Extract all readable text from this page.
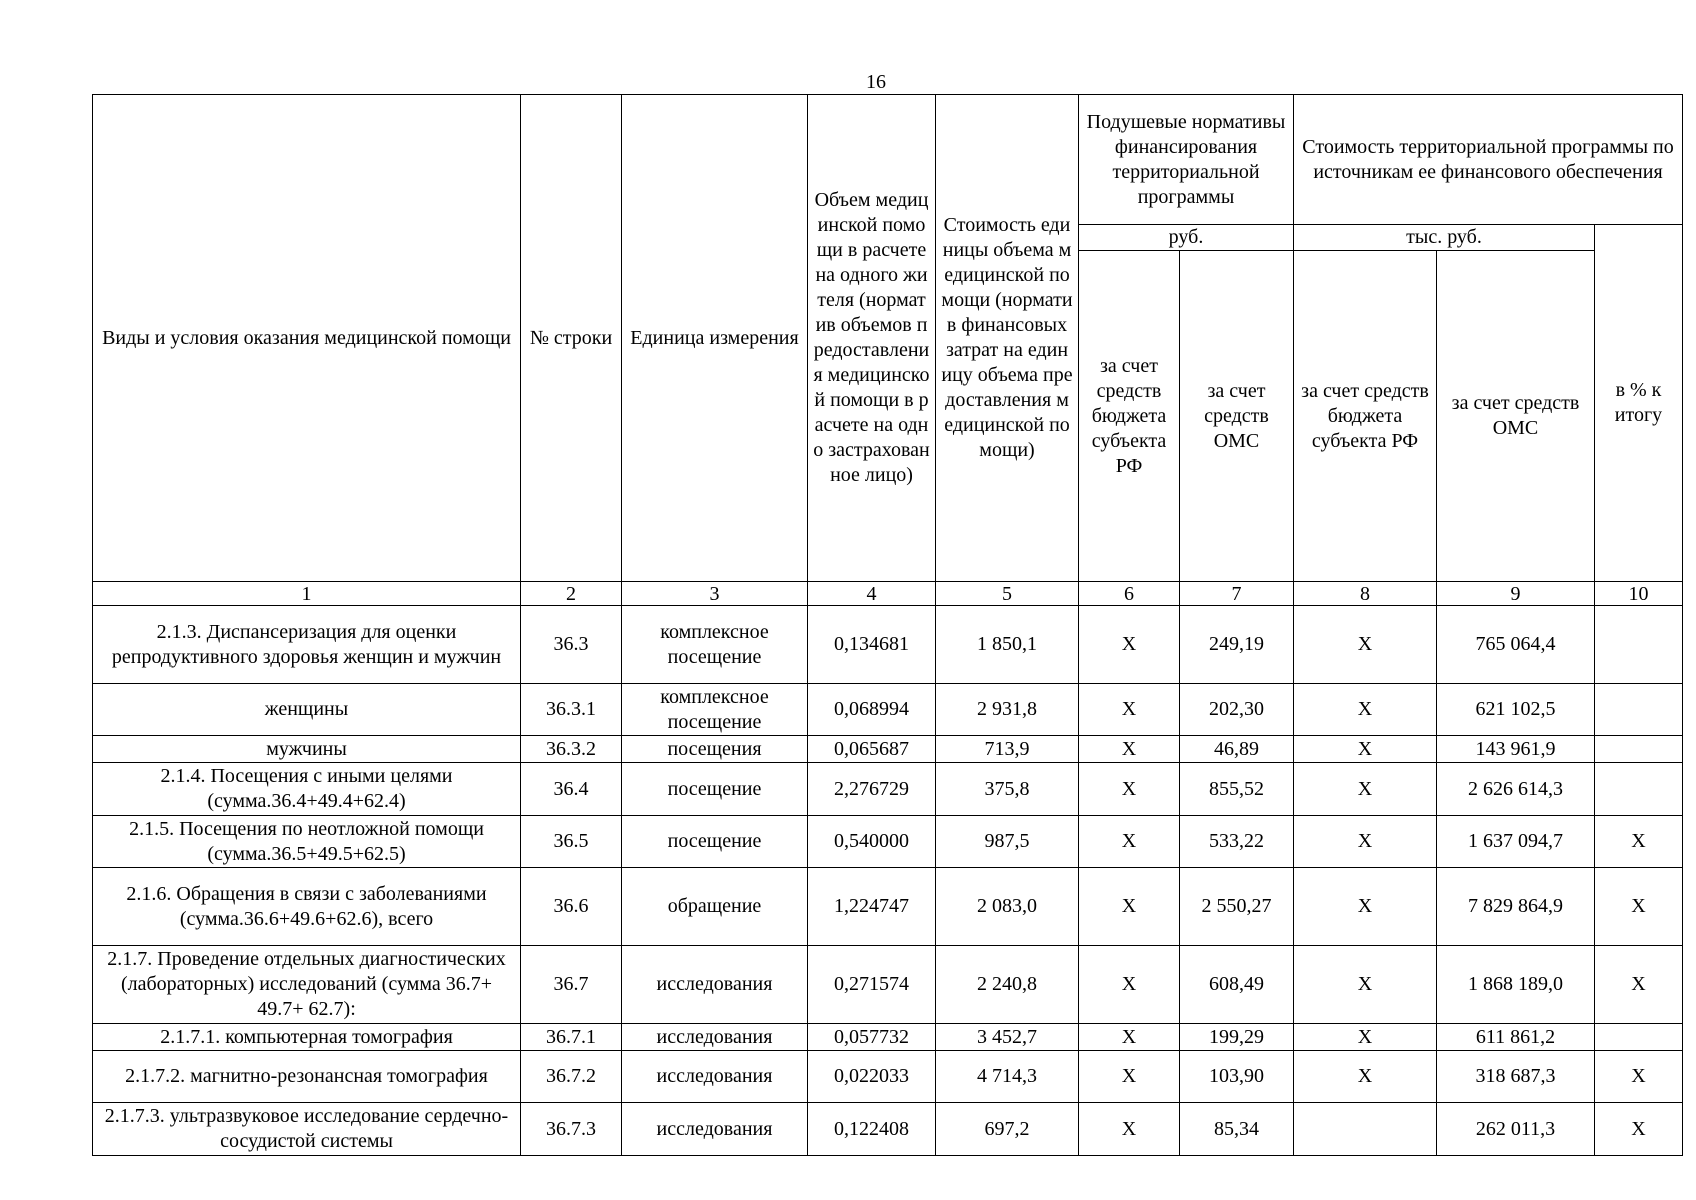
16
Виды и условия оказания медицинской помощи	№ строки	Единица измерения	Объем медицинской помощи в расчете на одного жителя (норматив объемов предоставления медицинской помощи в расчете на одно застрахованное лицо)	Стоимость единицы объема медицинской помощи (норматив финансовых затрат на единицу объема предоставления медицинской помощи)	Подушевые нормативы финансирования территориальной программы		Стоимость территориальной программы по источникам ее финансового обеспечения		
					руб.		тыс. руб.		в % к итогу
					за счет средств бюджета субъекта РФ	за счет средств ОМС	за счет средств бюджета субъекта РФ	за счет средств ОМС	
1	2	3	4	5	6	7	8	9	10
2.1.3. Диспансеризация для оценки репродуктивного здоровья женщин и мужчин	36.3	комплексное посещение	0,134681	1 850,1	X	249,19	X	765 064,4	
женщины	36.3.1	комплексное посещение	0,068994	2 931,8	X	202,30	X	621 102,5	
мужчины	36.3.2	посещения	0,065687	713,9	X	46,89	X	143 961,9	
2.1.4. Посещения с иными целями (сумма.36.4+49.4+62.4)	36.4	посещение	2,276729	375,8	X	855,52	X	2 626 614,3	
2.1.5. Посещения по неотложной помощи (сумма.36.5+49.5+62.5)	36.5	посещение	0,540000	987,5	X	533,22	X	1 637 094,7	X
2.1.6. Обращения в связи с заболеваниями (сумма.36.6+49.6+62.6), всего	36.6	обращение	1,224747	2 083,0	X	2 550,27	X	7 829 864,9	X
2.1.7. Проведение отдельных диагностических (лабораторных) исследований (сумма 36.7+ 49.7+ 62.7):	36.7	исследования	0,271574	2 240,8	X	608,49	X	1 868 189,0	X
2.1.7.1. компьютерная томография	36.7.1	исследования	0,057732	3 452,7	X	199,29	X	611 861,2	
2.1.7.2. магнитно-резонансная томография	36.7.2	исследования	0,022033	4 714,3	X	103,90	X	318 687,3	X
2.1.7.3. ультразвуковое исследование сердечно-сосудистой системы	36.7.3	исследования	0,122408	697,2	X	85,34		262 011,3	X
